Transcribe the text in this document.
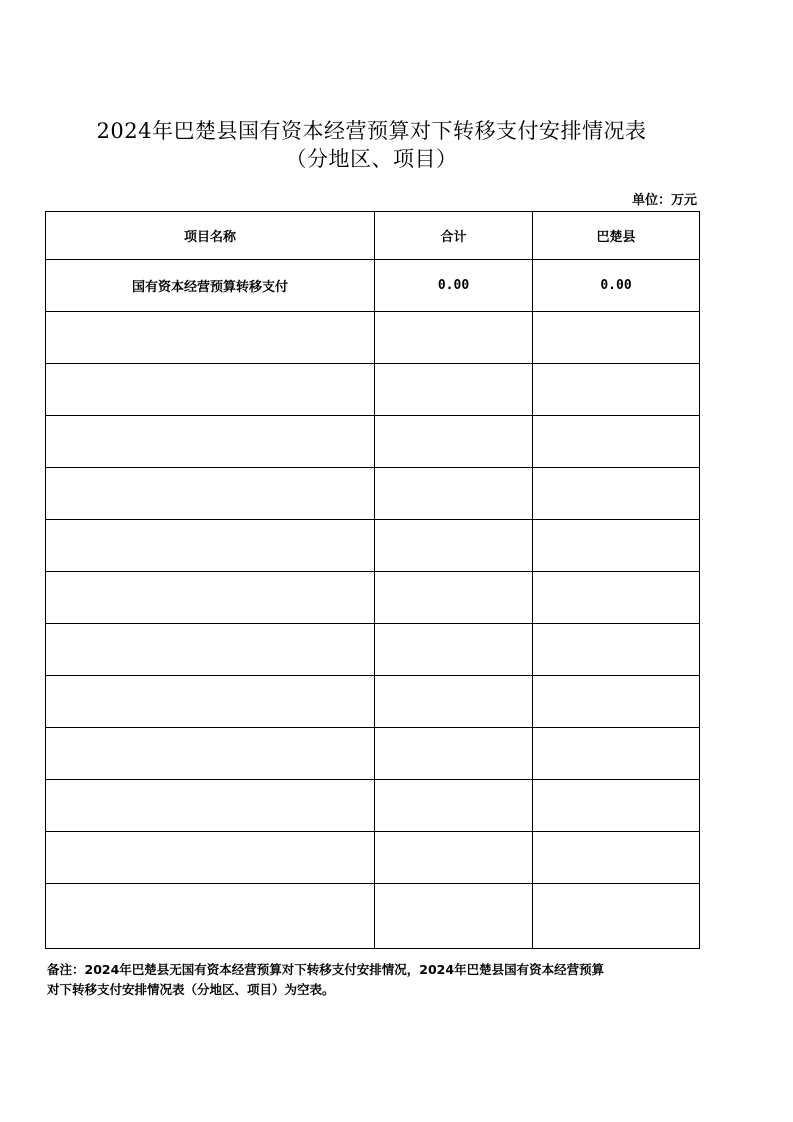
2024年巴楚县国有资本经营预算对下转移支付安排情况表
（分地区、项目）
单位：万元
项目名称	合计	巴楚县
国有资本经营预算转移支付	0.00	0.00

备注：2024年巴楚县无国有资本经营预算对下转移支付安排情况，2024年巴楚县国有资本经营预算
对下转移支付安排情况表（分地区、项目）为空表。
